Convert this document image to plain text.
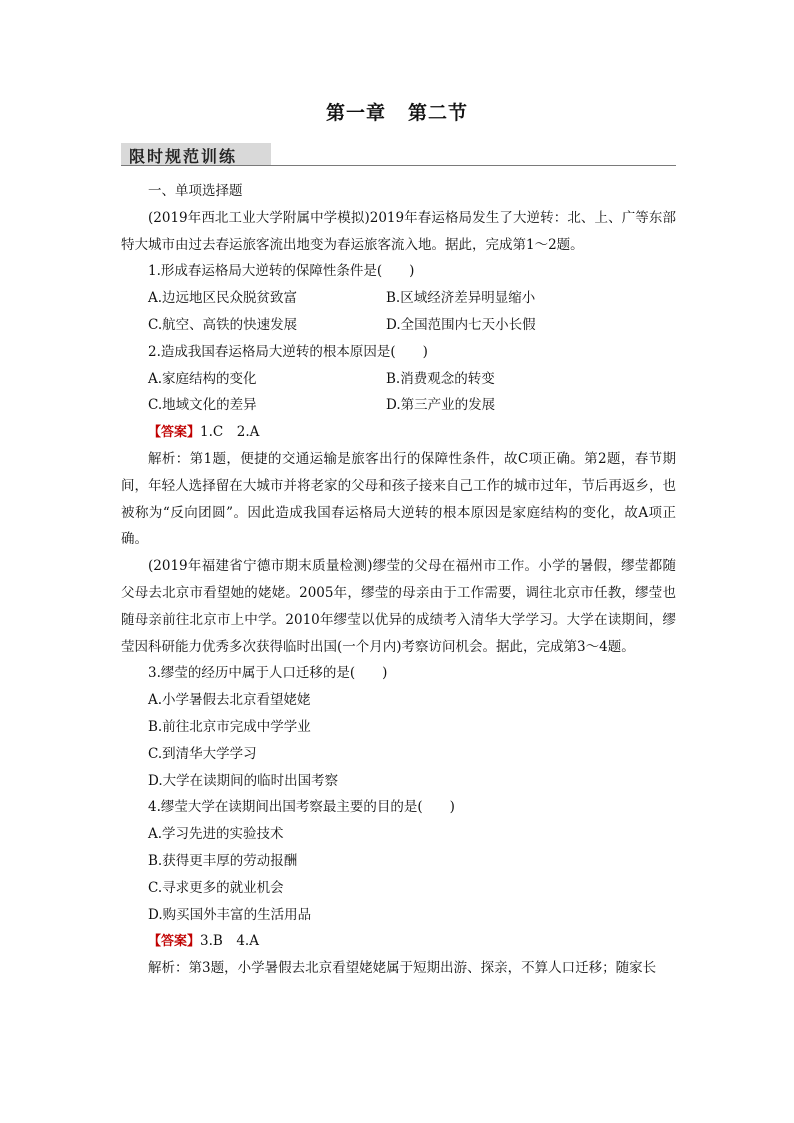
第一章 第二节
限时规范训练
一、单项选择题

(2019年西北工业大学附属中学模拟)2019年春运格局发生了大逆转：北、上、广等东部特大城市由过去春运旅客流出地变为春运旅客流入地。据此，完成第1～2题。

1.形成春运格局大逆转的保障性条件是(　　)
A.边远地区民众脱贫致富	B.区域经济差异明显缩小
C.航空、高铁的快速发展	D.全国范围内七天小长假
2.造成我国春运格局大逆转的根本原因是(　　)
A.家庭结构的变化	B.消费观念的转变
C.地域文化的差异	D.第三产业的发展
【答案】1.C　2.A

解析：第1题，便捷的交通运输是旅客出行的保障性条件，故C项正确。第2题，春节期间，年轻人选择留在大城市并将老家的父母和孩子接来自己工作的城市过年，节后再返乡，也被称为“反向团圆”。因此造成我国春运格局大逆转的根本原因是家庭结构的变化，故A项正确。

(2019年福建省宁德市期末质量检测)缪莹的父母在福州市工作。小学的暑假，缪莹都随父母去北京市看望她的姥姥。2005年，缪莹的母亲由于工作需要，调往北京市任教，缪莹也随母亲前往北京市上中学。2010年缪莹以优异的成绩考入清华大学学习。大学在读期间，缪莹因科研能力优秀多次获得临时出国(一个月内)考察访问机会。据此，完成第3～4题。

3.缪莹的经历中属于人口迁移的是(　　)
A.小学暑假去北京看望姥姥
B.前往北京市完成中学学业
C.到清华大学学习
D.大学在读期间的临时出国考察
4.缪莹大学在读期间出国考察最主要的目的是(　　)
A.学习先进的实验技术
B.获得更丰厚的劳动报酬
C.寻求更多的就业机会
D.购买国外丰富的生活用品
【答案】3.B　4.A
解析：第3题，小学暑假去北京看望姥姥属于短期出游、探亲，不算人口迁移；随家长
